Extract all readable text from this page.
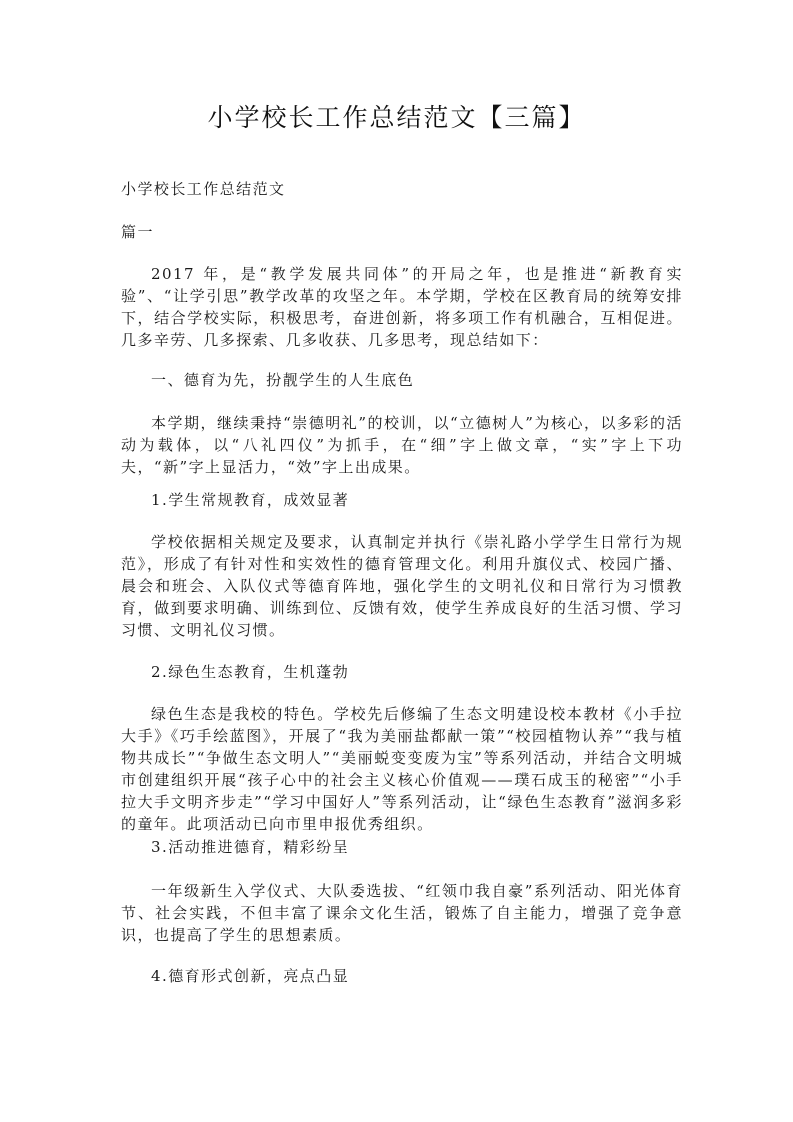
小学校长工作总结范文【三篇】

小学校长工作总结范文

篇一

2017 年，是“教学发展共同体”的开局之年，也是推进“新教育实验”、“让学引思”教学改革的攻坚之年。本学期，学校在区教育局的统筹安排下，结合学校实际，积极思考，奋进创新，将多项工作有机融合，互相促进。几多辛劳、几多探索、几多收获、几多思考，现总结如下：

一、德育为先，扮靓学生的人生底色

本学期，继续秉持“崇德明礼”的校训，以“立德树人”为核心，以多彩的活动为载体，以“八礼四仪”为抓手，在“细”字上做文章，“实”字上下功夫，“新”字上显活力，“效”字上出成果。

1.学生常规教育，成效显著

学校依据相关规定及要求，认真制定并执行《崇礼路小学学生日常行为规范》，形成了有针对性和实效性的德育管理文化。利用升旗仪式、校园广播、晨会和班会、入队仪式等德育阵地，强化学生的文明礼仪和日常行为习惯教育，做到要求明确、训练到位、反馈有效，使学生养成良好的生活习惯、学习习惯、文明礼仪习惯。

2.绿色生态教育，生机蓬勃

绿色生态是我校的特色。学校先后修编了生态文明建设校本教材《小手拉大手》《巧手绘蓝图》，开展了“我为美丽盐都献一策”“校园植物认养”“我与植物共成长”“争做生态文明人”“美丽蜕变变废为宝”等系列活动，并结合文明城市创建组织开展“孩子心中的社会主义核心价值观——璞石成玉的秘密”“小手拉大手文明齐步走”“学习中国好人”等系列活动，让“绿色生态教育”滋润多彩的童年。此项活动已向市里申报优秀组织。

3.活动推进德育，精彩纷呈

一年级新生入学仪式、大队委选拔、“红领巾我自豪”系列活动、阳光体育节、社会实践，不但丰富了课余文化生活，锻炼了自主能力，增强了竞争意识，也提高了学生的思想素质。

4.德育形式创新，亮点凸显
